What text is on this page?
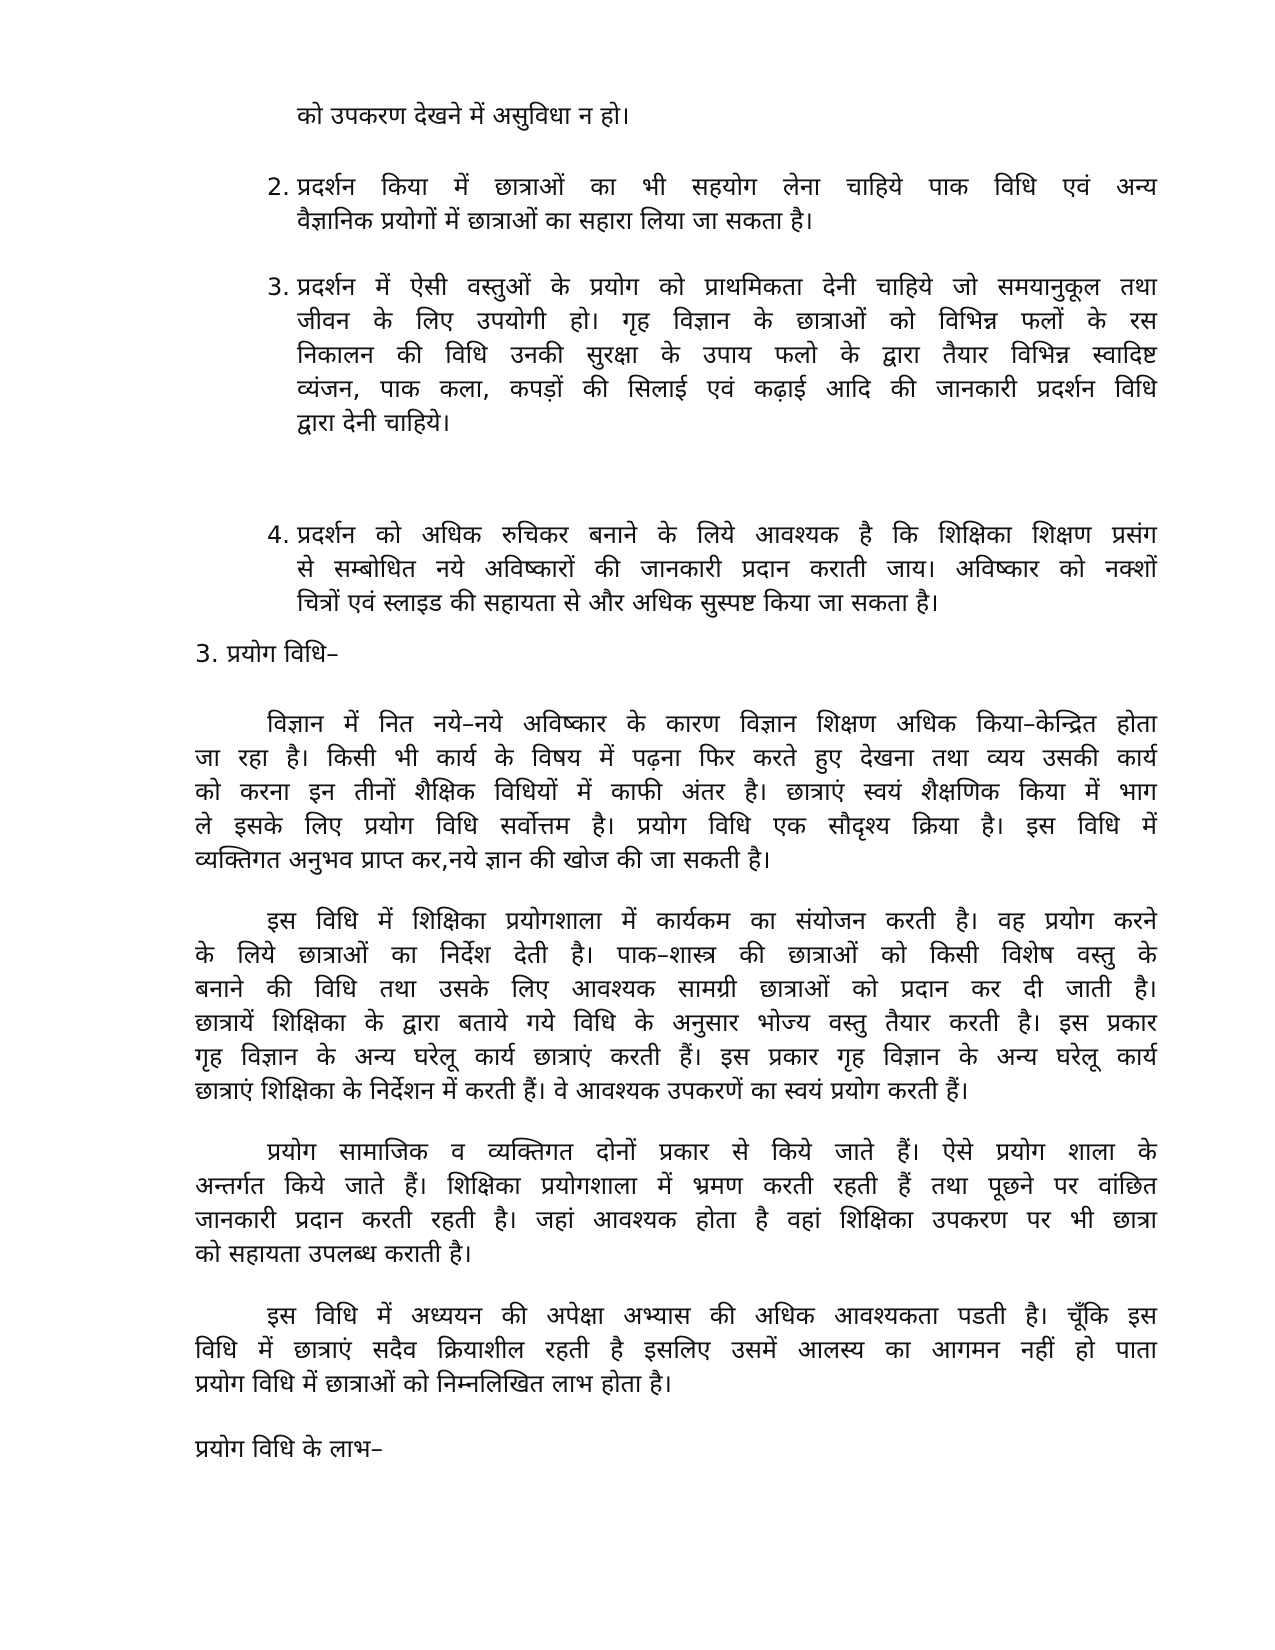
को उपकरण देखने में असुविधा न हो।
2. प्रदर्शन किया में छात्राओं का भी सहयोग लेना चाहिये पाक विधि एवं अन्य
वैज्ञानिक प्रयोगों में छात्राओं का सहारा लिया जा सकता है।
3. प्रदर्शन में ऐसी वस्तुओं के प्रयोग को प्राथमिकता देनी चाहिये जो समयानुकूल तथा
जीवन के लिए उपयोगी हो। गृह विज्ञान के छात्राओं को विभिन्न फलों के रस
निकालन की विधि उनकी सुरक्षा के उपाय फलो के द्वारा तैयार विभिन्न स्वादिष्ट
व्यंजन, पाक कला, कपड़ों की सिलाई एवं कढ़ाई आदि की जानकारी प्रदर्शन विधि
द्वारा देनी चाहिये।
4. प्रदर्शन को अधिक रुचिकर बनाने के लिये आवश्यक है कि शिक्षिका शिक्षण प्रसंग
से सम्बोधित नये अविष्कारों की जानकारी प्रदान कराती जाय। अविष्कार को नक्शों
चित्रों एवं स्लाइड की सहायता से और अधिक सुस्पष्ट किया जा सकता है।
3. प्रयोग विधि–
विज्ञान में नित नये–नये अविष्कार के कारण विज्ञान शिक्षण अधिक किया–केन्द्रित होता
जा रहा है। किसी भी कार्य के विषय में पढ़ना फिर करते हुए देखना तथा व्यय उसकी कार्य
को करना इन तीनों शैक्षिक विधियों में काफी अंतर है। छात्राएं स्वयं शैक्षणिक किया में भाग
ले इसके लिए प्रयोग विधि सर्वोत्तम है। प्रयोग विधि एक सौदृश्य क्रिया है। इस विधि में
व्यक्तिगत अनुभव प्राप्त कर,नये ज्ञान की खोज की जा सकती है।
इस विधि में शिक्षिका प्रयोगशाला में कार्यकम का संयोजन करती है। वह प्रयोग करने
के लिये छात्राओं का निर्देश देती है। पाक–शास्त्र की छात्राओं को किसी विशेष वस्तु के
बनाने की विधि तथा उसके लिए आवश्यक सामग्री छात्राओं को प्रदान कर दी जाती है।
छात्रायें शिक्षिका के द्वारा बताये गये विधि के अनुसार भोज्य वस्तु तैयार करती है। इस प्रकार
गृह विज्ञान के अन्य घरेलू कार्य छात्राएं करती हैं। इस प्रकार गृह विज्ञान के अन्य घरेलू कार्य
छात्राएं शिक्षिका के निर्देशन में करती हैं। वे आवश्यक उपकरणें का स्वयं प्रयोग करती हैं।
प्रयोग सामाजिक व व्यक्तिगत दोनों प्रकार से किये जाते हैं। ऐसे प्रयोग शाला के
अन्तर्गत किये जाते हैं। शिक्षिका प्रयोगशाला में भ्रमण करती रहती हैं तथा पूछने पर वांछित
जानकारी प्रदान करती रहती है। जहां आवश्यक होता है वहां शिक्षिका उपकरण पर भी छात्रा
को सहायता उपलब्ध कराती है।
इस विधि में अध्ययन की अपेक्षा अभ्यास की अधिक आवश्यकता पडती है। चूँकि इस
विधि में छात्राएं सदैव क्रियाशील रहती है इसलिए उसमें आलस्य का आगमन नहीं हो पाता
प्रयोग विधि में छात्राओं को निम्नलिखित लाभ होता है।
प्रयोग विधि के लाभ–
